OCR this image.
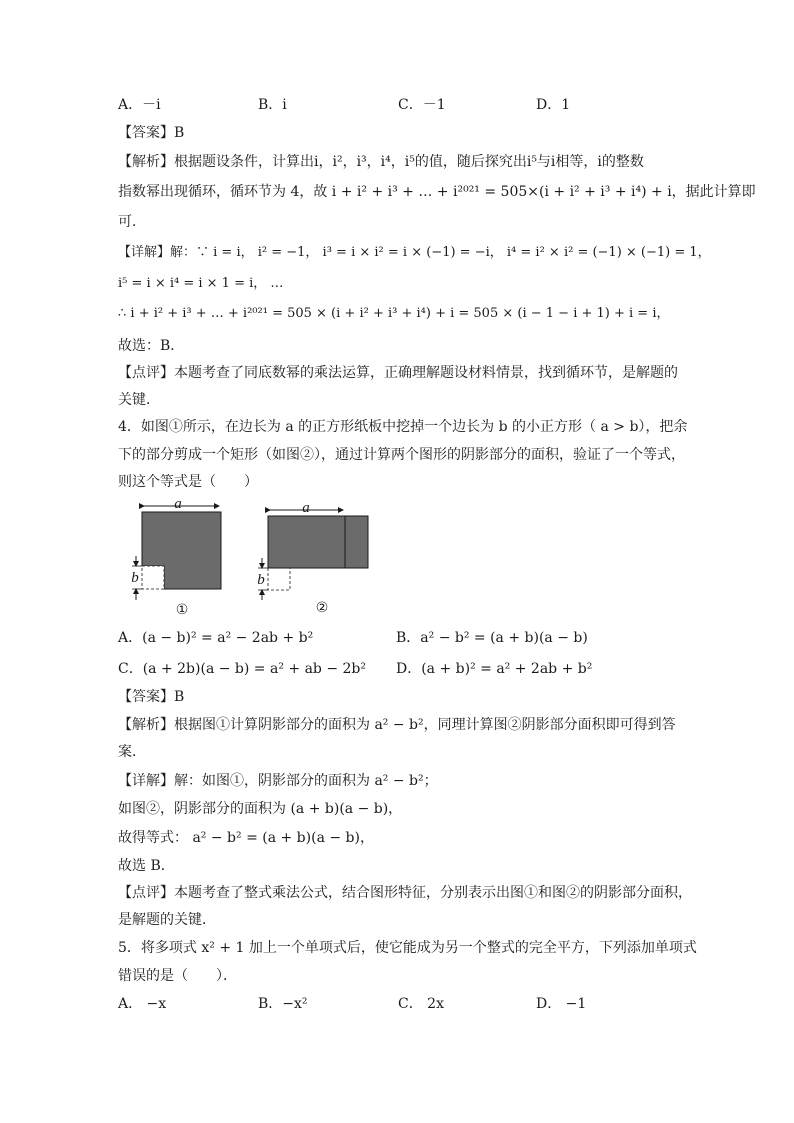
A．－i	B．i	C．－1	D．1
【答案】B
【解析】根据题设条件，计算出i，i²，i³，i⁴，i⁵的值，随后探究出i⁵与i相等，i的整数
指数幂出现循环，循环节为 4，故 i + i² + i³ + … + i²⁰²¹ = 505×(i + i² + i³ + i⁴) + i，据此计算即
可．
【详解】解：∵ i = i， i² = −1， i³ = i × i² = i × (−1) = −i， i⁴ = i² × i² = (−1) × (−1) = 1，
i⁵ = i × i⁴ = i × 1 = i， …
∴ i + i² + i³ + … + i²⁰²¹ = 505 × (i + i² + i³ + i⁴) + i = 505 × (i − 1 − i + 1) + i = i，
故选：B．
【点评】本题考查了同底数幂的乘法运算，正确理解题设材料情景，找到循环节，是解题的
关键．
4．如图①所示，在边长为 a 的正方形纸板中挖掉一个边长为 b 的小正方形（ a > b），把余
下的部分剪成一个矩形（如图②），通过计算两个图形的阴影部分的面积，验证了一个等式，
则这个等式是（　　）
a
b
①
a
b
②
A．(a − b)² = a² − 2ab + b²	B．a² − b² = (a + b)(a − b)
C．(a + 2b)(a − b) = a² + ab − 2b² D．(a + b)² = a² + 2ab + b²
【答案】B
【解析】根据图①计算阴影部分的面积为 a² − b²，同理计算图②阴影部分面积即可得到答
案．
【详解】解：如图①，阴影部分的面积为 a² − b²；
如图②，阴影部分的面积为 (a + b)(a − b)，
故得等式： a² − b² = (a + b)(a − b)，
故选 B．
【点评】本题考查了整式乘法公式，结合图形特征，分别表示出图①和图②的阴影部分面积，
是解题的关键．
5．将多项式 x² + 1 加上一个单项式后，使它能成为另一个整式的完全平方，下列添加单项式
错误的是（　　）．
A． −x	B．−x²	C． 2x	D． −1
